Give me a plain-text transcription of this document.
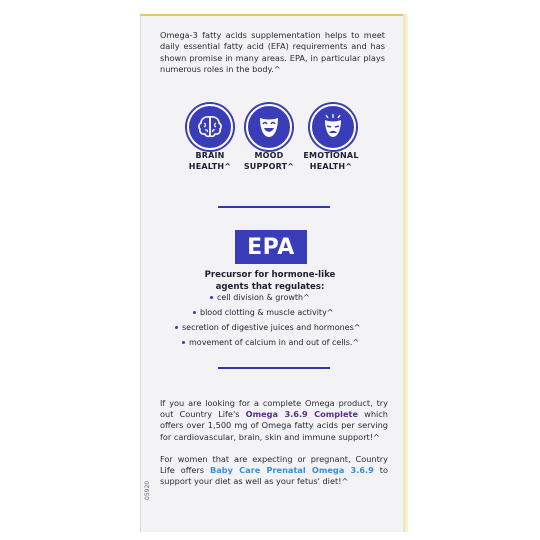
Omega-3 fatty acids supplementation helps to meet daily essential fatty acid (EFA) requirements and has shown promise in many areas. EPA, in particular plays numerous roles in the body.^

BRAIN
HEALTH^
MOOD
SUPPORT^
EMOTIONAL
HEALTH^
EPA
Precursor for hormone-like
agents that regulates:
cell division & growth^
blood clotting & muscle activity^
secretion of digestive juices and hormones^
movement of calcium in and out of cells.^

If you are looking for a complete Omega product, try out Country Life's Omega 3.6.9 Complete which offers over 1,500 mg of Omega fatty acids per serving for cardiovascular, brain, skin and immune support!^

For women that are expecting or pregnant, Country Life offers Baby Care Prenatal Omega 3.6.9 to support your diet as well as your fetus' diet!^

05920
